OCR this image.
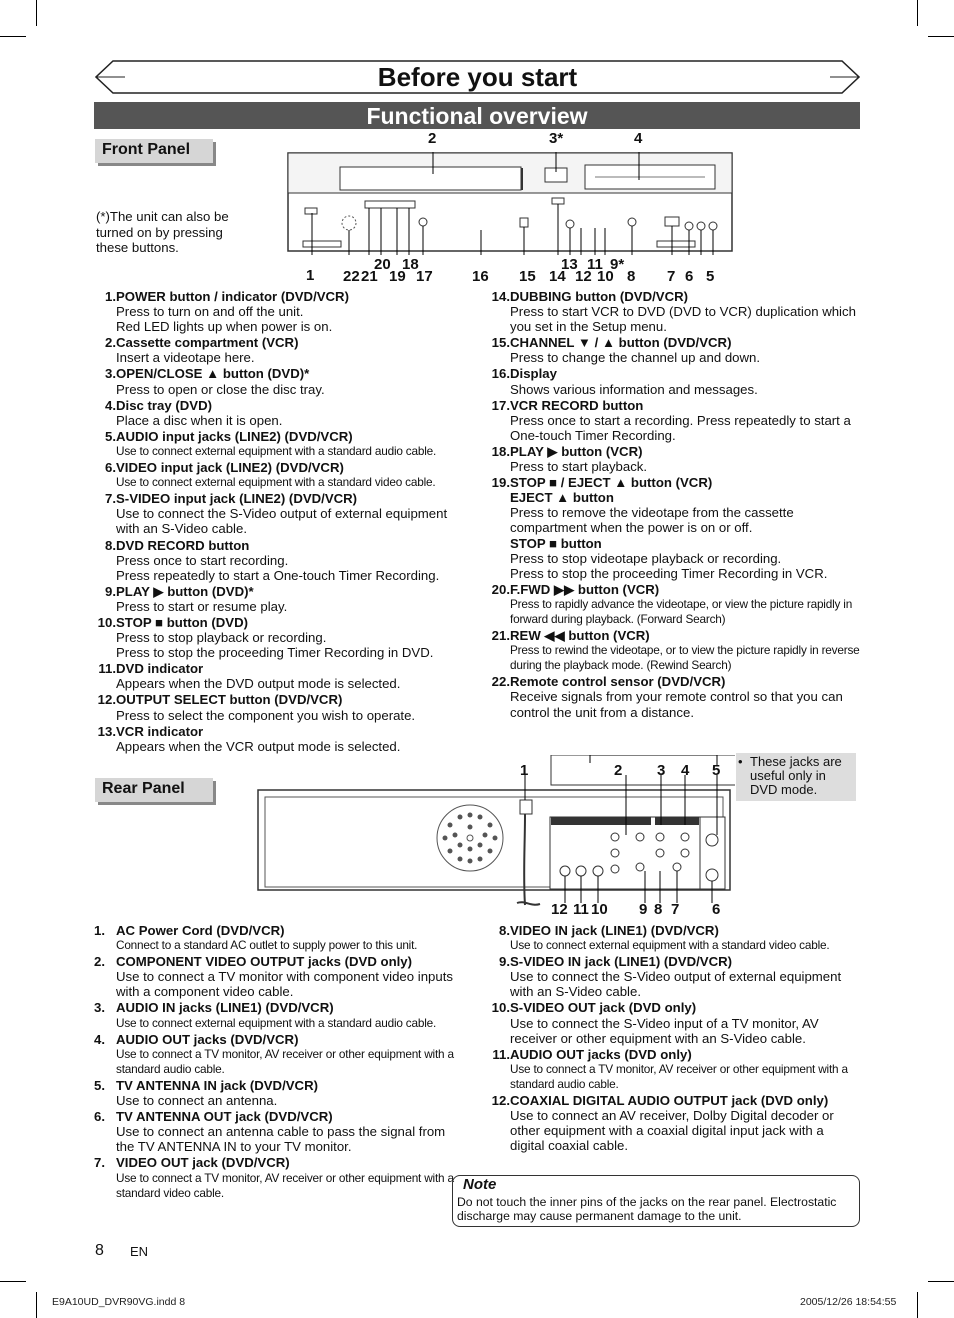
Before you start
Functional overview
Front Panel
(*)The unit can also be turned on by pressing these buttons.
2	3*	4
1 22 21
20
19
18
17	16 15 14
13
12
11
10
9*
8 7 6 5
1. POWER button / indicator (DVD/VCR)
Press to turn on and off the unit.
Red LED lights up when power is on.
2. Cassette compartment (VCR)
Insert a videotape here.
3. OPEN/CLOSE ▲ button (DVD)*
Press to open or close the disc tray.
4. Disc tray (DVD)
Place a disc when it is open.
5. AUDIO input jacks (LINE2) (DVD/VCR)
Use to connect external equipment with a standard audio cable.
6. VIDEO input jack (LINE2) (DVD/VCR)
Use to connect external equipment with a standard video cable.
7. S-VIDEO input jack (LINE2) (DVD/VCR)
Use to connect the S-Video output of external equipment with an S-Video cable.
8. DVD RECORD button
Press once to start recording.
Press repeatedly to start a One-touch Timer Recording.
9. PLAY ▶ button (DVD)*
Press to start or resume play.
10. STOP ■ button (DVD)
Press to stop playback or recording.
Press to stop the proceeding Timer Recording in DVD.
11. DVD indicator
Appears when the DVD output mode is selected.
12. OUTPUT SELECT button (DVD/VCR)
Press to select the component you wish to operate.
13. VCR indicator
Appears when the VCR output mode is selected.
14. DUBBING button (DVD/VCR)
Press to start VCR to DVD (DVD to VCR) duplication which you set in the Setup menu.
15. CHANNEL ▼ / ▲ button (DVD/VCR)
Press to change the channel up and down.
16. Display
Shows various information and messages.
17. VCR RECORD button
Press once to start a recording. Press repeatedly to start a One-touch Timer Recording.
18. PLAY ▶ button (VCR)
Press to start playback.
19. STOP ■ / EJECT ▲ button (VCR)
EJECT ▲ button
Press to remove the videotape from the cassette compartment when the power is on or off.
STOP ■ button
Press to stop videotape playback or recording.
Press to stop the proceeding Timer Recording in VCR.
20. F.FWD ▶▶ button (VCR)
Press to rapidly advance the videotape, or view the picture rapidly in forward during playback. (Forward Search)
21. REW ◀◀ button (VCR)
Press to rewind the videotape, or to view the picture rapidly in reverse during the playback mode. (Rewind Search)
22. Remote control sensor (DVD/VCR)
Receive signals from your remote control so that you can control the unit from a distance.
Rear Panel
• These jacks are useful only in DVD mode.
1	2 3 4 5
12 11 10 9 8 7 6
1. AC Power Cord (DVD/VCR)
Connect to a standard AC outlet to supply power to this unit.
2. COMPONENT VIDEO OUTPUT jacks (DVD only)
Use to connect a TV monitor with component video inputs with a component video cable.
3. AUDIO IN jacks (LINE1) (DVD/VCR)
Use to connect external equipment with a standard audio cable.
4. AUDIO OUT jacks (DVD/VCR)
Use to connect a TV monitor, AV receiver or other equipment with a standard audio cable.
5. TV ANTENNA IN jack (DVD/VCR)
Use to connect an antenna.
6. TV ANTENNA OUT jack (DVD/VCR)
Use to connect an antenna cable to pass the signal from the TV ANTENNA IN to your TV monitor.
7. VIDEO OUT jack (DVD/VCR)
Use to connect a TV monitor, AV receiver or other equipment with a standard video cable.
8. VIDEO IN jack (LINE1) (DVD/VCR)
Use to connect external equipment with a standard video cable.
9. S-VIDEO IN jack (LINE1) (DVD/VCR)
Use to connect the S-Video output of external equipment with an S-Video cable.
10. S-VIDEO OUT jack (DVD only)
Use to connect the S-Video input of a TV monitor, AV receiver or other equipment with an S-Video cable.
11. AUDIO OUT jacks (DVD only)
Use to connect a TV monitor, AV receiver or other equipment with a standard audio cable.
12. COAXIAL DIGITAL AUDIO OUTPUT jack (DVD only)
Use to connect an AV receiver, Dolby Digital decoder or other equipment with a coaxial digital input jack with a digital coaxial cable.
Note
Do not touch the inner pins of the jacks on the rear panel. Electrostatic discharge may cause permanent damage to the unit.
8 EN
E9A10UD_DVR90VG.indd 8	2005/12/26 18:54:55
